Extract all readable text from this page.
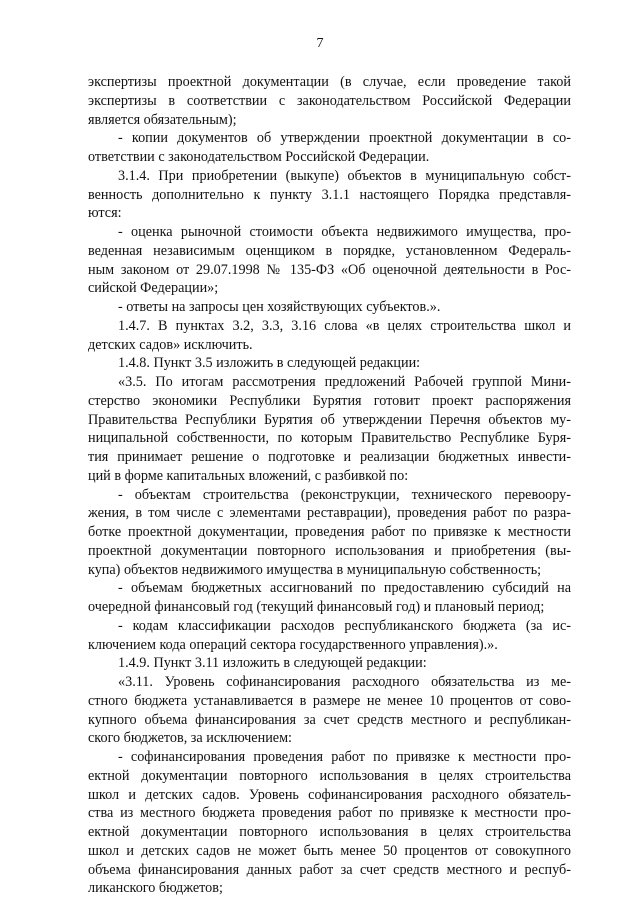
7
экспертизы проектной документации (в случае, если проведение такой
экспертизы в соответствии с законодательством Российской Федерации
является обязательным);
- копии документов об утверждении проектной документации в со-
ответствии с законодательством Российской Федерации.
3.1.4. При приобретении (выкупе) объектов в муниципальную собст-
венность дополнительно к пункту 3.1.1 настоящего Порядка представля-
ются:
- оценка рыночной стоимости объекта недвижимого имущества, про-
веденная независимым оценщиком в порядке, установленном Федераль-
ным законом от 29.07.1998 № 135-ФЗ «Об оценочной деятельности в Рос-
сийской Федерации»;
- ответы на запросы цен хозяйствующих субъектов.».
1.4.7. В пунктах 3.2, 3.3, 3.16 слова «в целях строительства школ и
детских садов» исключить.
1.4.8. Пункт 3.5 изложить в следующей редакции:
«3.5. По итогам рассмотрения предложений Рабочей группой Мини-
стерство экономики Республики Бурятия готовит проект распоряжения
Правительства Республики Бурятия об утверждении Перечня объектов му-
ниципальной собственности, по которым Правительство Республике Буря-
тия принимает решение о подготовке и реализации бюджетных инвести-
ций в форме капитальных вложений, с разбивкой по:
- объектам строительства (реконструкции, технического перевоору-
жения, в том числе с элементами реставрации), проведения работ по разра-
ботке проектной документации, проведения работ по привязке к местности
проектной документации повторного использования и приобретения (вы-
купа) объектов недвижимого имущества в муниципальную собственность;
- объемам бюджетных ассигнований по предоставлению субсидий на
очередной финансовый год (текущий финансовый год) и плановый период;
- кодам классификации расходов республиканского бюджета (за ис-
ключением кода операций сектора государственного управления).».
1.4.9. Пункт 3.11 изложить в следующей редакции:
«3.11. Уровень софинансирования расходного обязательства из ме-
стного бюджета устанавливается в размере не менее 10 процентов от сово-
купного объема финансирования за счет средств местного и республикан-
ского бюджетов, за исключением:
- софинансирования проведения работ по привязке к местности про-
ектной документации повторного использования в целях строительства
школ и детских садов. Уровень софинансирования расходного обязатель-
ства из местного бюджета проведения работ по привязке к местности про-
ектной документации повторного использования в целях строительства
школ и детских садов не может быть менее 50 процентов от совокупного
объема финансирования данных работ за счет средств местного и респуб-
ликанского бюджетов;
